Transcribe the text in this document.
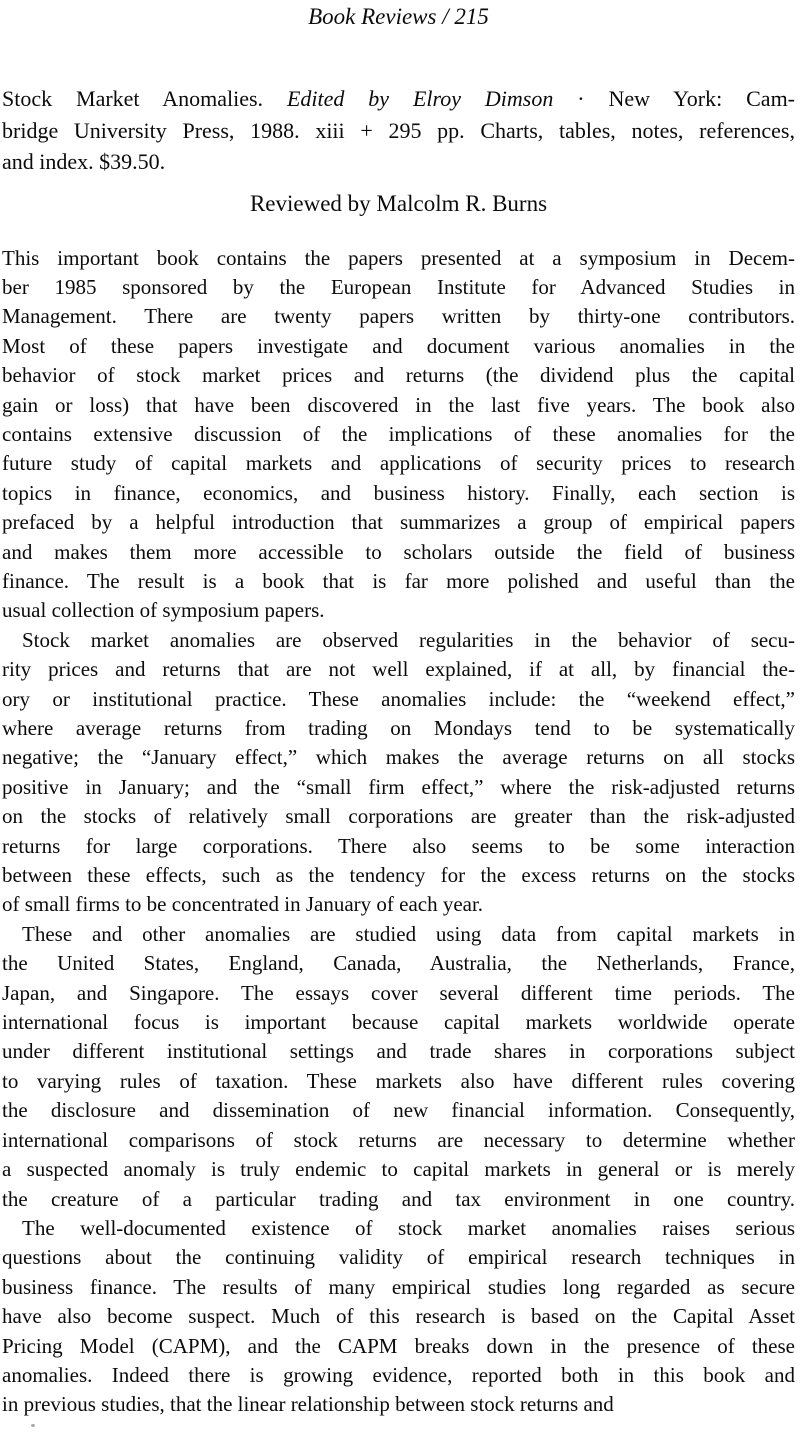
Book Reviews / 215
Stock Market Anomalies. Edited by Elroy Dimson · New York: Cam-
bridge University Press, 1988. xiii + 295 pp. Charts, tables, notes, references,
and index. $39.50.
Reviewed by Malcolm R. Burns
This important book contains the papers presented at a symposium in Decem-
ber 1985 sponsored by the European Institute for Advanced Studies in
Management. There are twenty papers written by thirty-one contributors.
Most of these papers investigate and document various anomalies in the
behavior of stock market prices and returns (the dividend plus the capital
gain or loss) that have been discovered in the last five years. The book also
contains extensive discussion of the implications of these anomalies for the
future study of capital markets and applications of security prices to research
topics in finance, economics, and business history. Finally, each section is
prefaced by a helpful introduction that summarizes a group of empirical papers
and makes them more accessible to scholars outside the field of business
finance. The result is a book that is far more polished and useful than the
usual collection of symposium papers.
Stock market anomalies are observed regularities in the behavior of secu-
rity prices and returns that are not well explained, if at all, by financial the-
ory or institutional practice. These anomalies include: the “weekend effect,”
where average returns from trading on Mondays tend to be systematically
negative; the “January effect,” which makes the average returns on all stocks
positive in January; and the “small firm effect,” where the risk-adjusted returns
on the stocks of relatively small corporations are greater than the risk-adjusted
returns for large corporations. There also seems to be some interaction
between these effects, such as the tendency for the excess returns on the stocks
of small firms to be concentrated in January of each year.
These and other anomalies are studied using data from capital markets in
the United States, England, Canada, Australia, the Netherlands, France,
Japan, and Singapore. The essays cover several different time periods. The
international focus is important because capital markets worldwide operate
under different institutional settings and trade shares in corporations subject
to varying rules of taxation. These markets also have different rules covering
the disclosure and dissemination of new financial information. Consequently,
international comparisons of stock returns are necessary to determine whether
a suspected anomaly is truly endemic to capital markets in general or is merely
the creature of a particular trading and tax environment in one country.
The well-documented existence of stock market anomalies raises serious
questions about the continuing validity of empirical research techniques in
business finance. The results of many empirical studies long regarded as secure
have also become suspect. Much of this research is based on the Capital Asset
Pricing Model (CAPM), and the CAPM breaks down in the presence of these
anomalies. Indeed there is growing evidence, reported both in this book and
in previous studies, that the linear relationship between stock returns and
